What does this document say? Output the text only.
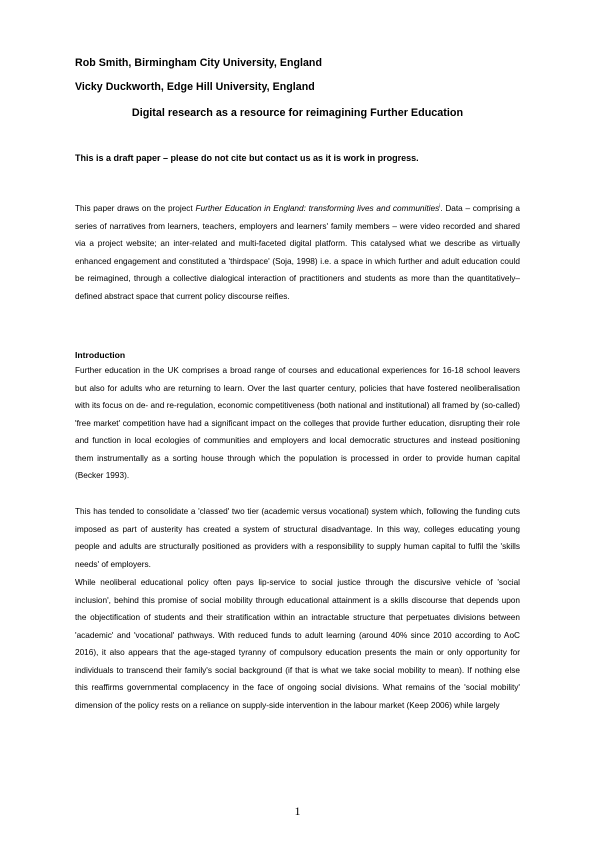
Rob Smith, Birmingham City University, England
Vicky Duckworth, Edge Hill University, England
Digital research as a resource for reimagining Further Education
This is a draft paper – please do not cite but contact us as it is work in progress.

This paper draws on the project Further Education in England: transforming lives and communities$^i$. Data – comprising a series of narratives from learners, teachers, employers and learners' family members – were video recorded and shared via a project website; an inter-related and multi-faceted digital platform. This catalysed what we describe as virtually enhanced engagement and constituted a 'thirdspace' (Soja, 1998) i.e. a space in which further and adult education could be reimagined, through a collective dialogical interaction of practitioners and students as more than the quantitatively–defined abstract space that current policy discourse reifies.

Introduction

Further education in the UK comprises a broad range of courses and educational experiences for 16-18 school leavers but also for adults who are returning to learn. Over the last quarter century, policies that have fostered neoliberalisation with its focus on de- and re-regulation, economic competitiveness (both national and institutional) all framed by (so-called) 'free market' competition have had a significant impact on the colleges that provide further education, disrupting their role and function in local ecologies of communities and employers and local democratic structures and instead positioning them instrumentally as a sorting house through which the population is processed in order to provide human capital (Becker 1993).

This has tended to consolidate a 'classed' two tier (academic versus vocational) system which, following the funding cuts imposed as part of austerity has created a system of structural disadvantage. In this way, colleges educating young people and adults are structurally positioned as providers with a responsibility to supply human capital to fulfil the 'skills needs' of employers.

While neoliberal educational policy often pays lip-service to social justice through the discursive vehicle of 'social inclusion', behind this promise of social mobility through educational attainment is a skills discourse that depends upon the objectification of students and their stratification within an intractable structure that perpetuates divisions between 'academic' and 'vocational' pathways. With reduced funds to adult learning (around 40% since 2010 according to AoC 2016), it also appears that the age-staged tyranny of compulsory education presents the main or only opportunity for individuals to transcend their family's social background (if that is what we take social mobility to mean). If nothing else this reaffirms governmental complacency in the face of ongoing social divisions. What remains of the 'social mobility' dimension of the policy rests on a reliance on supply-side intervention in the labour market (Keep 2006) while largely

1
